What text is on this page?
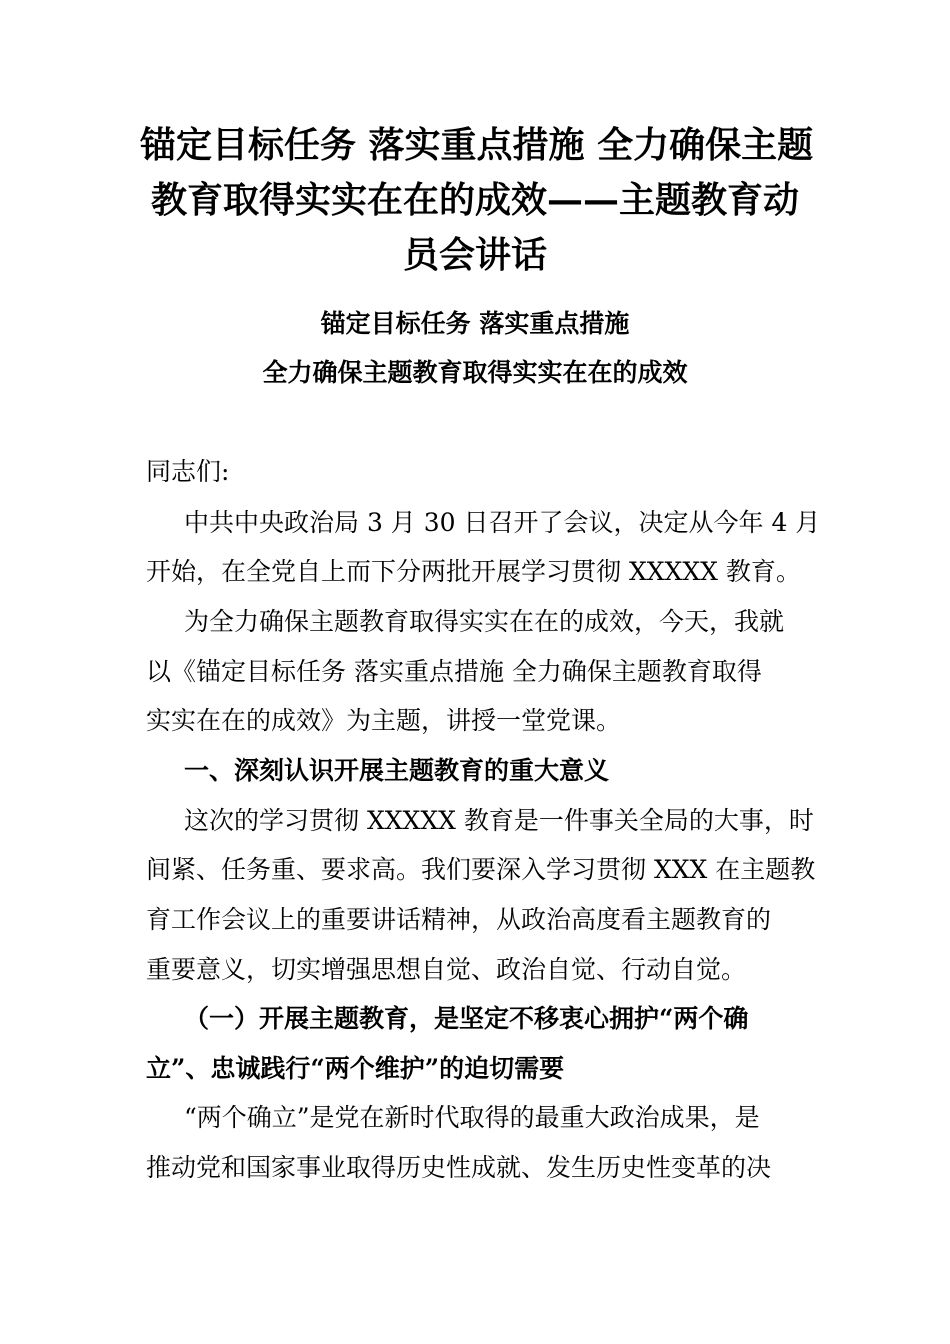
锚定目标任务 落实重点措施 全力确保主题
教育取得实实在在的成效——主题教育动
员会讲话

锚定目标任务 落实重点措施

全力确保主题教育取得实实在在的成效

同志们:

中共中央政治局 3 月 30 日召开了会议，决定从今年 4 月

开始，在全党自上而下分两批开展学习贯彻 XXXXX 教育。

为全力确保主题教育取得实实在在的成效，今天，我就

以《锚定目标任务 落实重点措施 全力确保主题教育取得

实实在在的成效》为主题，讲授一堂党课。

一、深刻认识开展主题教育的重大意义

这次的学习贯彻 XXXXX 教育是一件事关全局的大事，时

间紧、任务重、要求高。我们要深入学习贯彻 XXX 在主题教

育工作会议上的重要讲话精神，从政治高度看主题教育的

重要意义，切实增强思想自觉、政治自觉、行动自觉。

（一）开展主题教育，是坚定不移衷心拥护“两个确

立”、忠诚践行“两个维护”的迫切需要

“两个确立”是党在新时代取得的最重大政治成果，是

推动党和国家事业取得历史性成就、发生历史性变革的决
